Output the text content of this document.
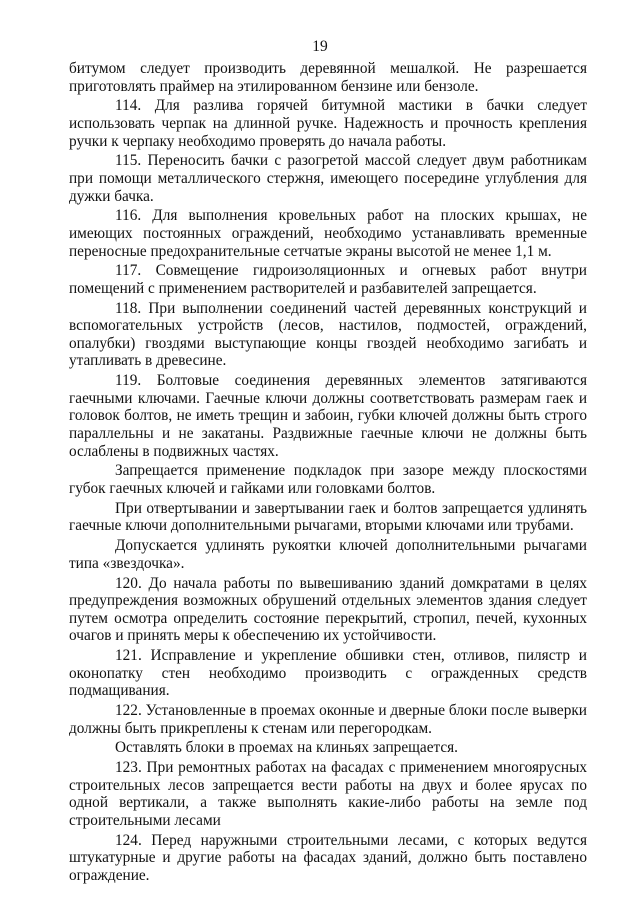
19

битумом следует производить деревянной мешалкой. Не разрешается приготовлять праймер на этилированном бензине или бензоле.

114. Для разлива горячей битумной мастики в бачки следует использовать черпак на длинной ручке. Надежность и прочность крепления ручки к черпаку необходимо проверять до начала работы.

115. Переносить бачки с разогретой массой следует двум работникам при помощи металлического стержня, имеющего посередине углубления для дужки бачка.

116. Для выполнения кровельных работ на плоских крышах, не имеющих постоянных ограждений, необходимо устанавливать временные переносные предохранительные сетчатые экраны высотой не менее 1,1 м.

117. Совмещение гидроизоляционных и огневых работ внутри помещений с применением растворителей и разбавителей запрещается.

118. При выполнении соединений частей деревянных конструкций и вспомогательных устройств (лесов, настилов, подмостей, ограждений, опалубки) гвоздями выступающие концы гвоздей необходимо загибать и утапливать в древесине.

119. Болтовые соединения деревянных элементов затягиваются гаечными ключами. Гаечные ключи должны соответствовать размерам гаек и головок болтов, не иметь трещин и забоин, губки ключей должны быть строго параллельны и не закатаны. Раздвижные гаечные ключи не должны быть ослаблены в подвижных частях.

Запрещается применение подкладок при зазоре между плоскостями губок гаечных ключей и гайками или головками болтов.

При отвертывании и завертывании гаек и болтов запрещается удлинять гаечные ключи дополнительными рычагами, вторыми ключами или трубами.

Допускается удлинять рукоятки ключей дополнительными рычагами типа «звездочка».

120. До начала работы по вывешиванию зданий домкратами в целях предупреждения возможных обрушений отдельных элементов здания следует путем осмотра определить состояние перекрытий, стропил, печей, кухонных очагов и принять меры к обеспечению их устойчивости.

121. Исправление и укрепление обшивки стен, отливов, пилястр и оконопатку стен необходимо производить с огражденных средств подмащивания.

122. Установленные в проемах оконные и дверные блоки после выверки должны быть прикреплены к стенам или перегородкам.

Оставлять блоки в проемах на клиньях запрещается.

123. При ремонтных работах на фасадах с применением многоярусных строительных лесов запрещается вести работы на двух и более ярусах по одной вертикали, а также выполнять какие-либо работы на земле под строительными лесами

124. Перед наружными строительными лесами, с которых ведутся штукатурные и другие работы на фасадах зданий, должно быть поставлено ограждение.
